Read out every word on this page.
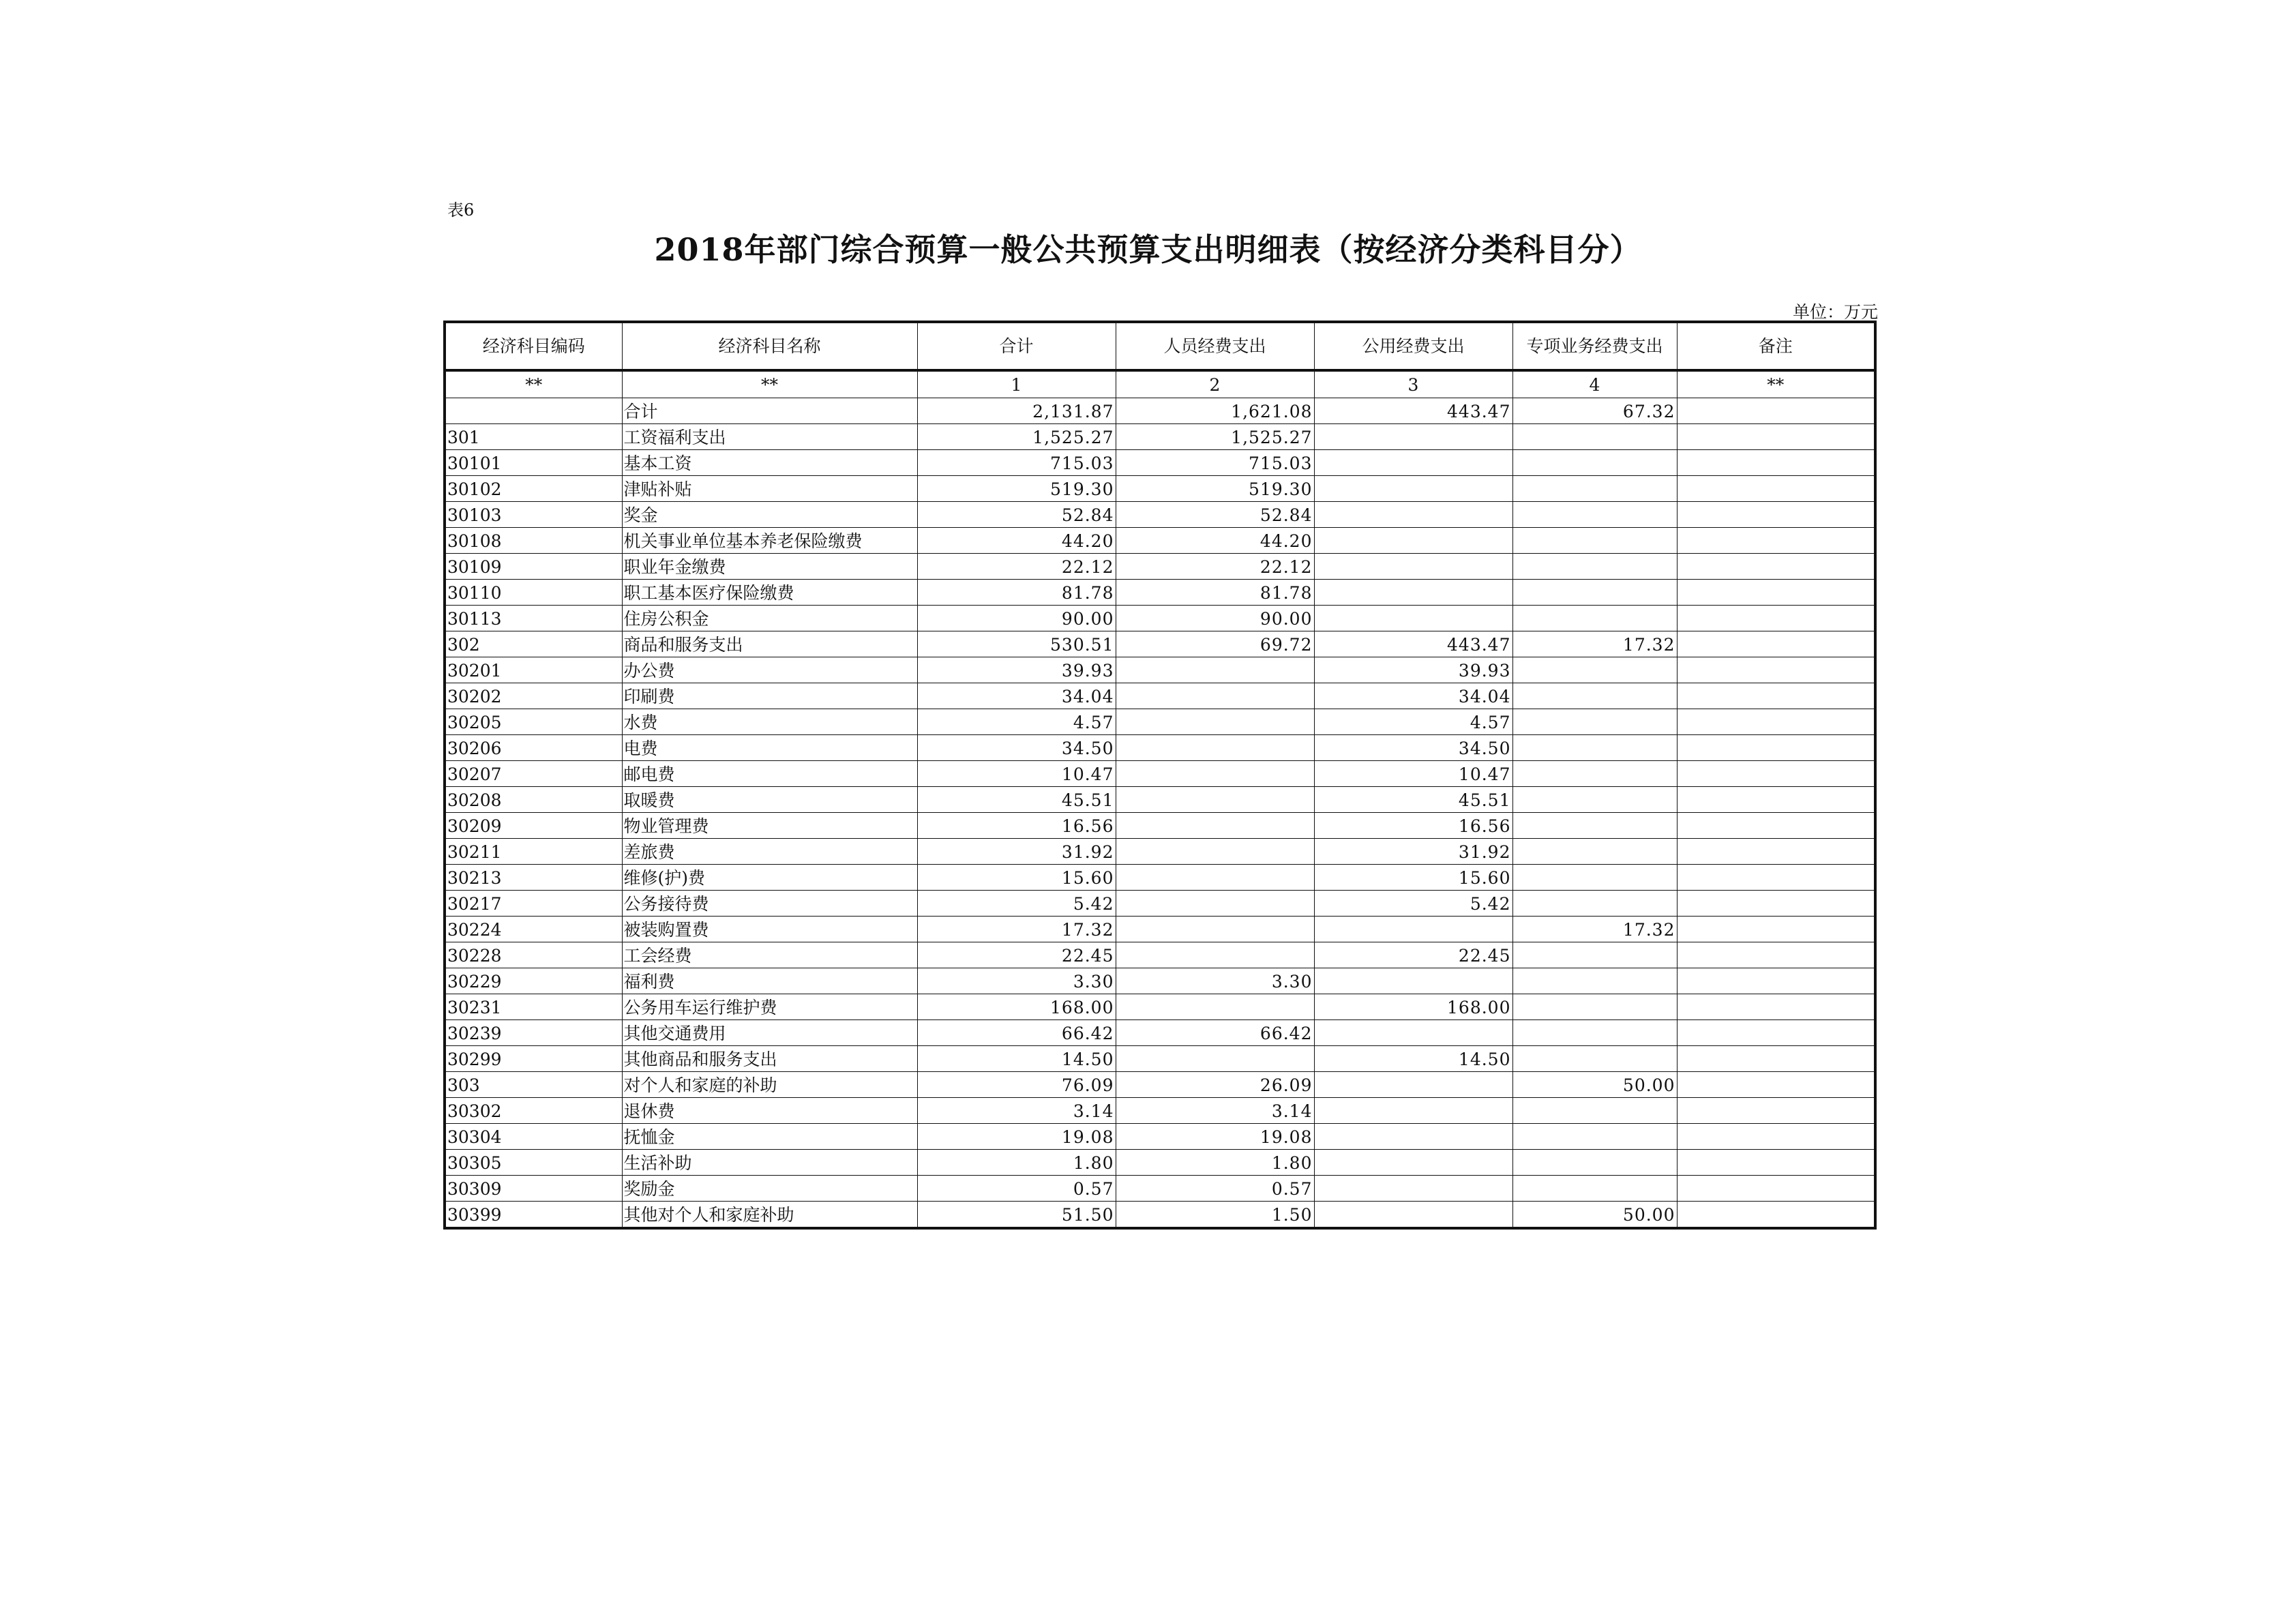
表6
2018年部门综合预算一般公共预算支出明细表（按经济分类科目分）
单位：万元
经济科目编码	经济科目名称	合计	人员经费支出	公用经费支出	专项业务经费支出	备注
**	**	1	2	3	4	**
	合计	2,131.87	1,621.08	443.47	67.32	
301	工资福利支出	1,525.27	1,525.27			
30101	基本工资	715.03	715.03			
30102	津贴补贴	519.30	519.30			
30103	奖金	52.84	52.84			
30108	机关事业单位基本养老保险缴费	44.20	44.20			
30109	职业年金缴费	22.12	22.12			
30110	职工基本医疗保险缴费	81.78	81.78			
30113	住房公积金	90.00	90.00			
302	商品和服务支出	530.51	69.72	443.47	17.32	
30201	办公费	39.93		39.93		
30202	印刷费	34.04		34.04		
30205	水费	4.57		4.57		
30206	电费	34.50		34.50		
30207	邮电费	10.47		10.47		
30208	取暖费	45.51		45.51		
30209	物业管理费	16.56		16.56		
30211	差旅费	31.92		31.92		
30213	维修(护)费	15.60		15.60		
30217	公务接待费	5.42		5.42		
30224	被装购置费	17.32			17.32	
30228	工会经费	22.45		22.45		
30229	福利费	3.30	3.30			
30231	公务用车运行维护费	168.00		168.00		
30239	其他交通费用	66.42	66.42			
30299	其他商品和服务支出	14.50		14.50		
303	对个人和家庭的补助	76.09	26.09		50.00	
30302	退休费	3.14	3.14			
30304	抚恤金	19.08	19.08			
30305	生活补助	1.80	1.80			
30309	奖励金	0.57	0.57			
30399	其他对个人和家庭补助	51.50	1.50		50.00	
